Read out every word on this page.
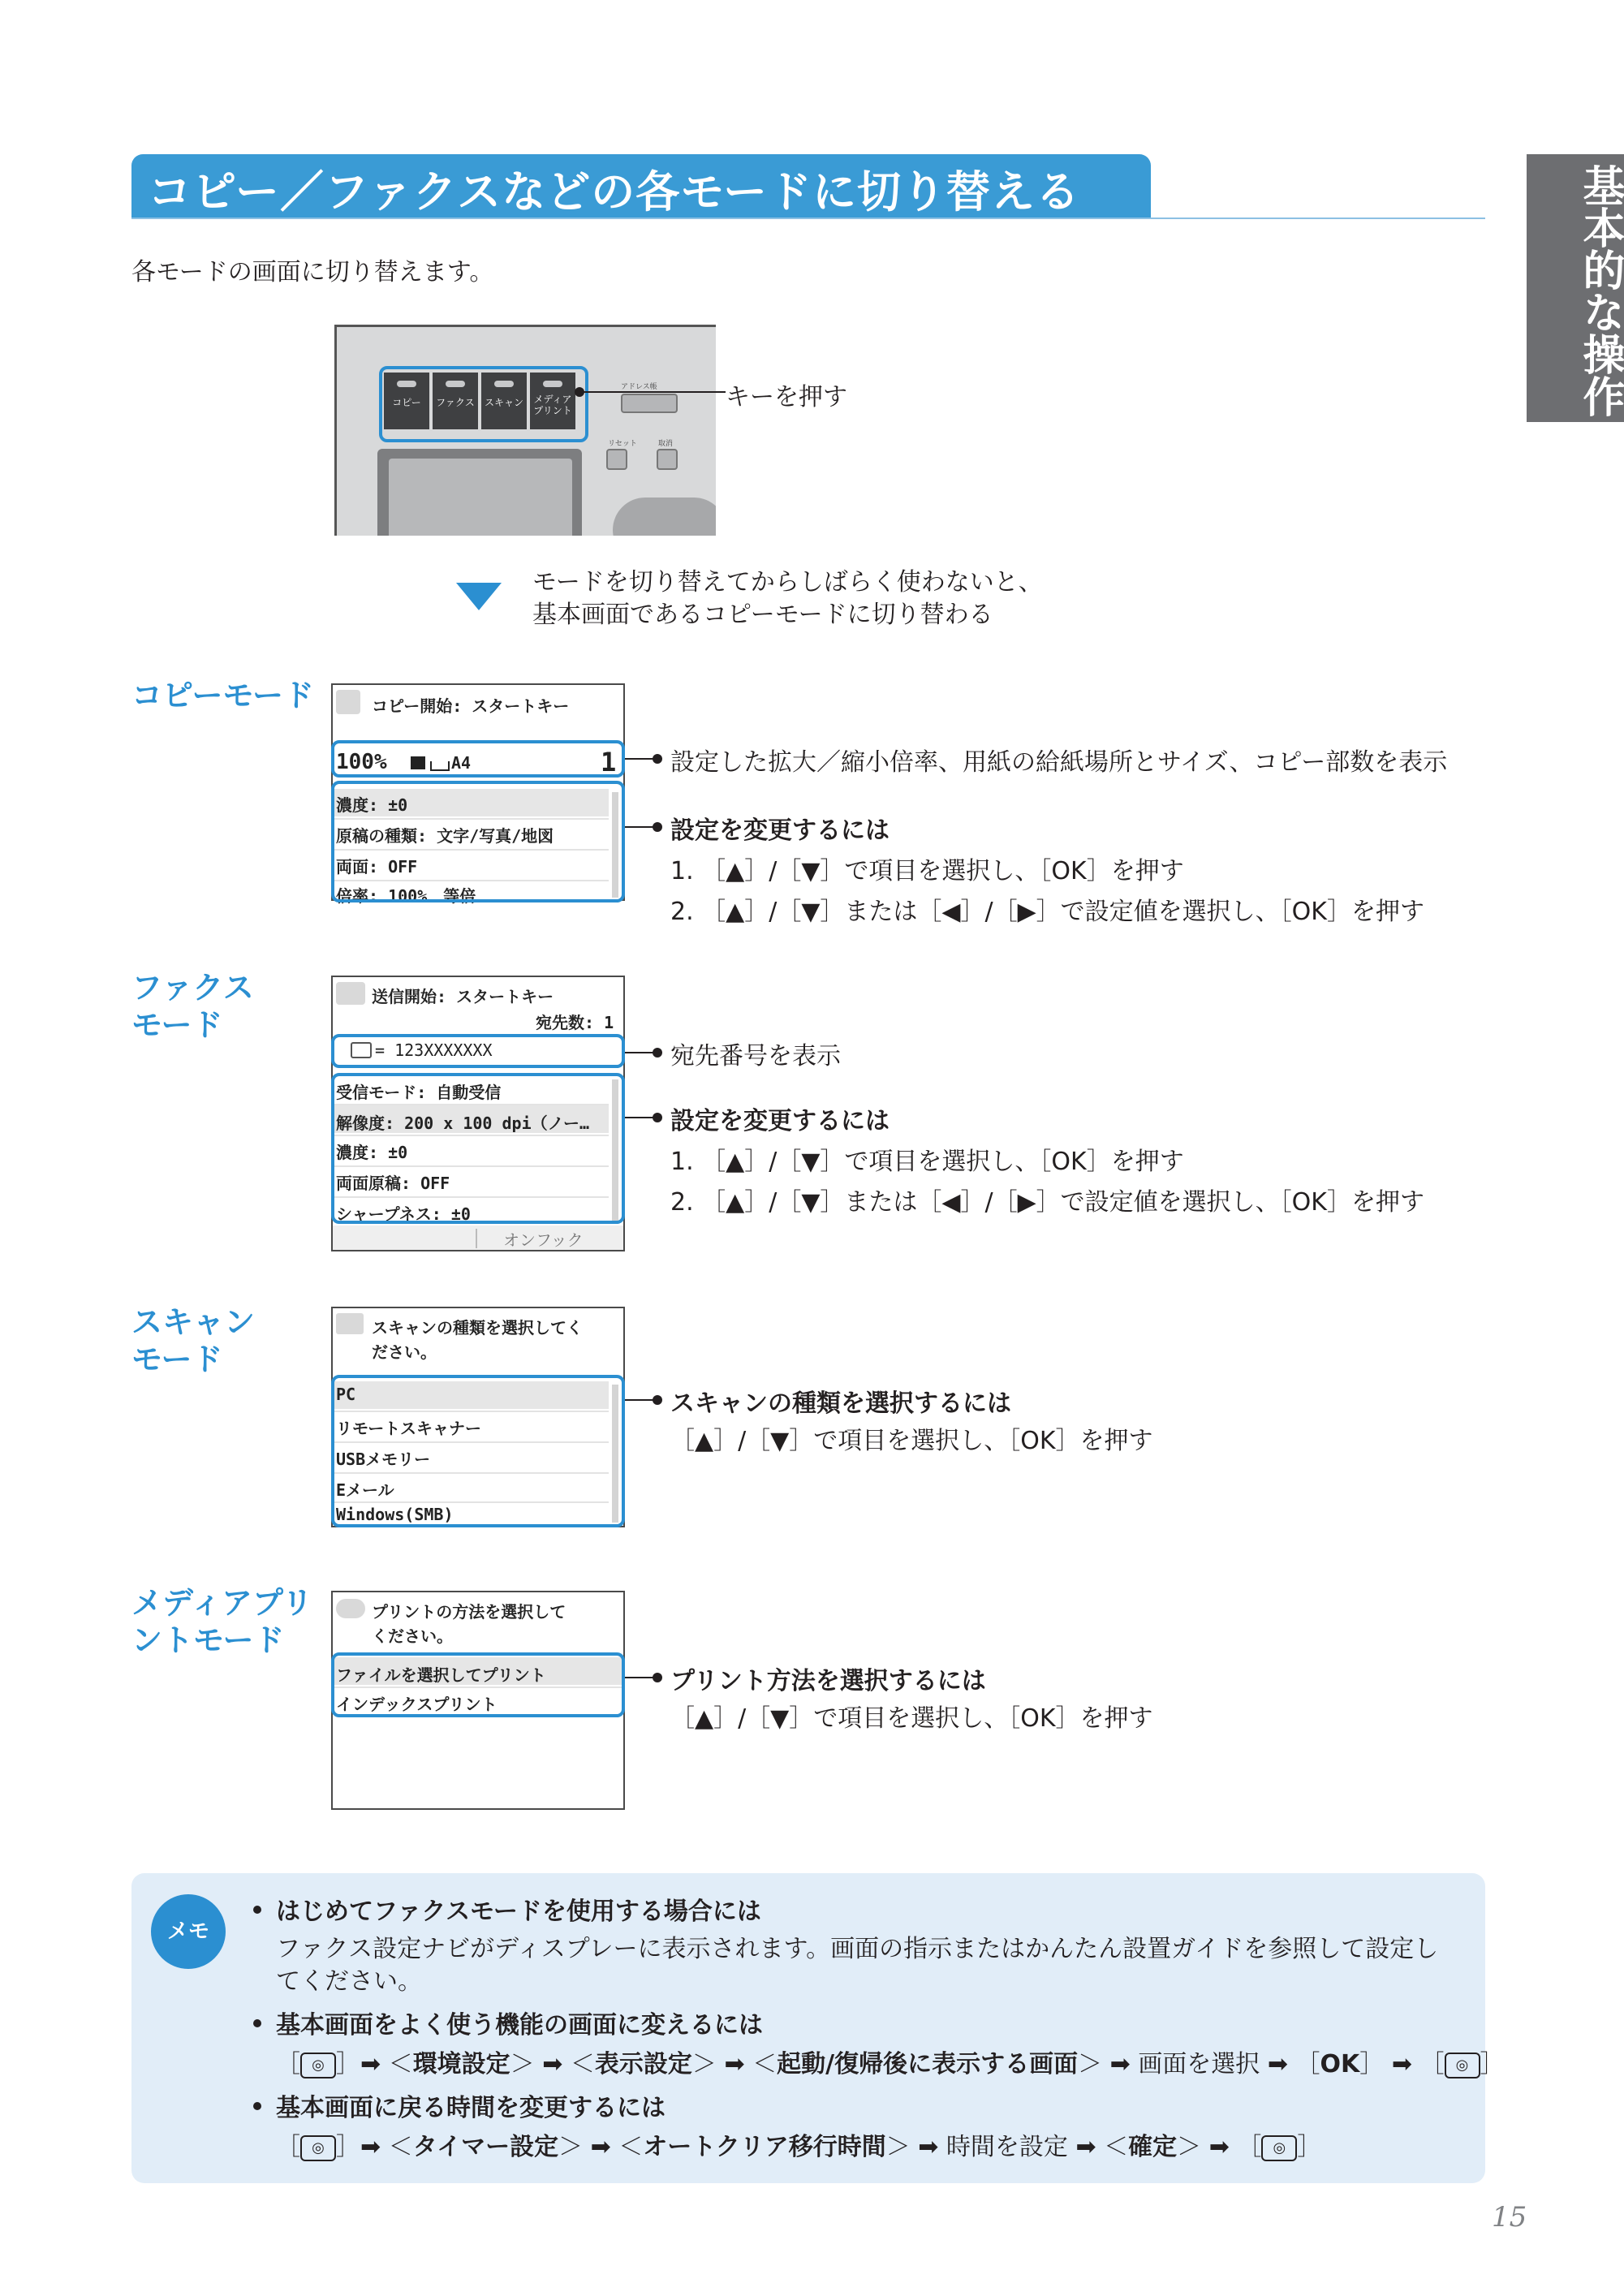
コピー／ファクスなどの各モードに切り替える	基本的な操作
各モードの画面に切り替えます。
コピー	ファクス	スキャン	メディア
プリント
アドレス帳
リセット	取消
キーを押す
モードを切り替えてからしばらく使わないと、
基本画面であるコピーモードに切り替わる
コピーモード	コピー開始: スタートキー
100%	A4	1
濃度: ±0
原稿の種類: 文字/写真/地図
両面: OFF
倍率: 100%　等倍
設定した拡大／縮小倍率、用紙の給紙場所とサイズ、コピー部数を表示
設定を変更するには
1. ［▲］/［▼］で項目を選択し、［OK］を押す
2. ［▲］/［▼］または［◀］/［▶］で設定値を選択し、［OK］を押す
ファクス
モード
送信開始: スタートキー
宛先数: 1
= 123XXXXXXX
受信モード: 自動受信
解像度: 200 x 100 dpi（ノー…
濃度: ±0
両面原稿: OFF
シャープネス: ±0
オンフック
宛先番号を表示
設定を変更するには
1. ［▲］/［▼］で項目を選択し、［OK］を押す
2. ［▲］/［▼］または［◀］/［▶］で設定値を選択し、［OK］を押す
スキャン
モード
スキャンの種類を選択してく
ださい。
PC
リモートスキャナー
USBメモリー
Eメール
Windows(SMB)
スキャンの種類を選択するには
［▲］/［▼］で項目を選択し、［OK］を押す
メディアプリ
ントモード
プリントの方法を選択して
ください。
ファイルを選択してプリント
インデックスプリント
プリント方法を選択するには
［▲］/［▼］で項目を選択し、［OK］を押す
メモ
はじめてファクスモードを使用する場合には
ファクス設定ナビがディスプレーに表示されます。画面の指示またはかんたん設置ガイドを参照して設定し
てください。
基本画面をよく使う機能の画面に変えるには
［ ◎ ］➡ ＜環境設定＞ ➡ ＜表示設定＞ ➡ ＜起動/復帰後に表示する画面＞ ➡ 画面を選択 ➡ ［OK］ ➡ ［ ◎ ］
基本画面に戻る時間を変更するには
［ ◎ ］➡ ＜タイマー設定＞ ➡ ＜オートクリア移行時間＞ ➡ 時間を設定 ➡ ＜確定＞ ➡ ［ ◎ ］
15
